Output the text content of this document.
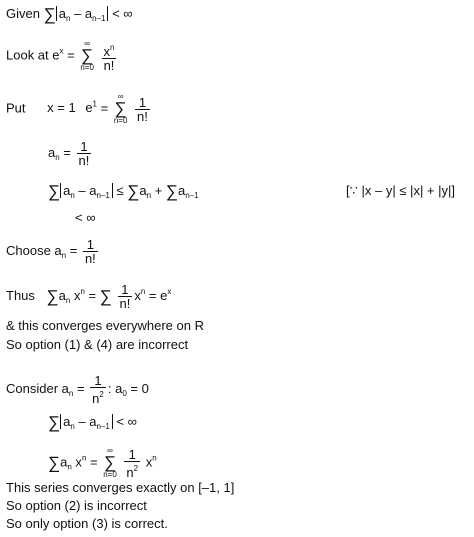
Given ∑ $a_n - a_{n-1}$ < ∞
Look at $e^x$ =
∞
∑
n=0
$\frac{x^n}{n!}$
Put x = 1 $e^1$ =
∞
∑
n=0
$\frac{1}{n!}$
$a_n = \frac{1}{n!}$
∑ $a_n - a_{n-1} \le \sum a_n + \sum a_{n-1}$	[∵ |x – y| ≤ |x| + |y|]
< ∞
Choose $a_n = \frac{1}{n!}$
Thus $\sum a_n$ $x^n$ = ∑ $\frac{1}{n!} x^n = e^x$
& this converges everywhere on R
So option (1) & (4) are incorrect
Consider $a_n = \frac{1}{n^2}$ : $a_0 = 0$
∑ $a_n - a_{n-1}$ < ∞
$\sum a_n$ $x^n$ =
∞
∑
n=0
$\frac{1}{n^2} x^n$
This series converges exactly on [–1, 1]
So option (2) is incorrect
So only option (3) is correct.
